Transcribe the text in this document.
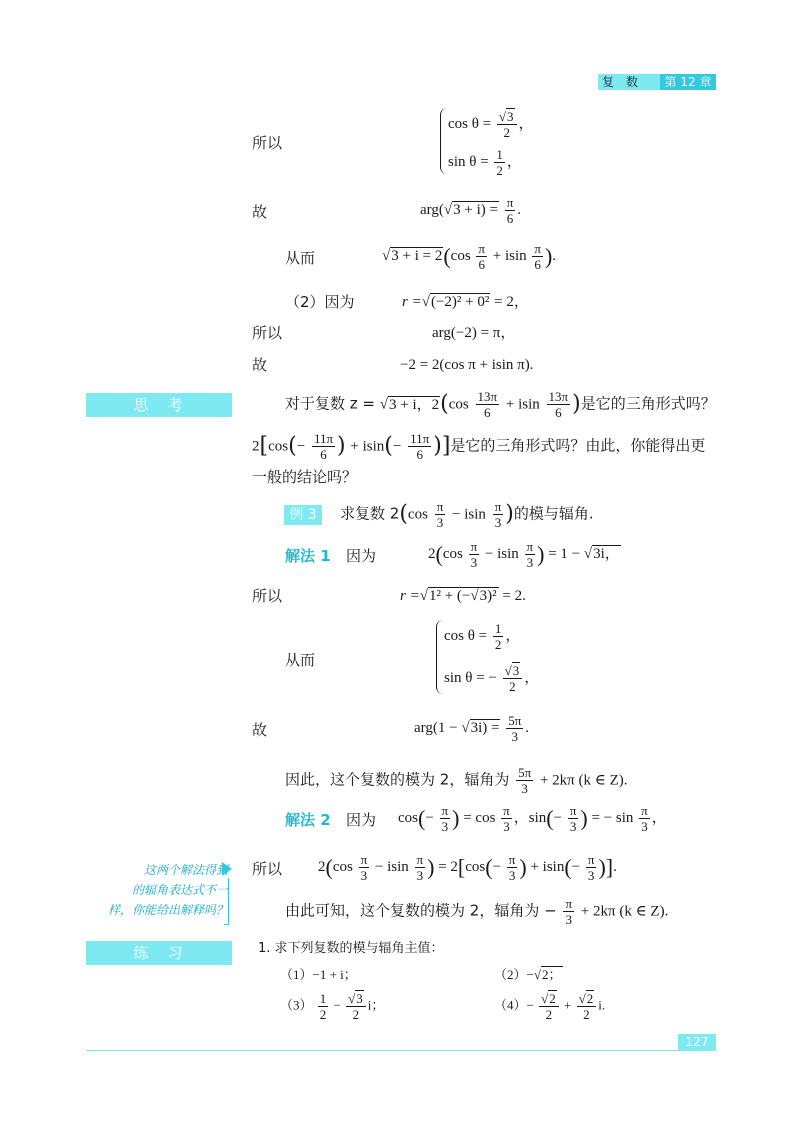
复　数	第 12 章
所以
$\cos \theta = \frac{√3}{2}$ ，
$\sin \theta = \frac{1}{2}$ ，
故	$arg(√3 + i) = \frac{\pi}{6}$ .
从而	$√3 + i = 2(\cos \frac{\pi}{6} + isin \frac{\pi}{6}$ ).
（2）因为	r =√(−2)² + 0² = 2，
所以	arg(−2) = π，
故	−2 = 2(cos π + isin π).
思　考	对于复数 z = √3 + i，$2(\cos \frac{13\pi}{6} + isin \frac{13\pi}{6}$ )是它的三角形式吗？
$2[\cos(- \frac{11\pi}{6}$ ) + $isin(- \frac{11\pi}{6}$ )]是它的三角形式吗？由此，你能得出更
一般的结论吗？
例 3	求复数 $2(\cos \frac{\pi}{3} - isin \frac{\pi}{3}$ )的模与辐角.
解法 1 因为	$2(\cos \frac{\pi}{3} - isin \frac{\pi}{3}$ ) = 1 − √3i，
所以	r =√1² + (−√3)² = 2.
从而
$\cos \theta = \frac{1}{2}$ ，
sin θ = − $\frac{√3}{2}$ ，
故	$arg(1 - √3i) = \frac{5\pi}{3}$ .
因此，这个复数的模为 2，辐角为 $\frac{5\pi}{3} + 2k\pi$ (k ∈ Z).
解法 2 因为 $\cos(- \frac{\pi}{3}$ ) = $\cos \frac{\pi}{3}$ ，$\sin(- \frac{\pi}{3}$ ) = − $\sin \frac{\pi}{3}$ ，
这两个解法得到
的辐角表达式不一
样，你能给出解释吗？
所以 $2(\cos \frac{\pi}{3} - isin \frac{\pi}{3}$ ) = $2[\cos(- \frac{\pi}{3}$ ) + $isin(- \frac{\pi}{3}$ )].
由此可知，这个复数的模为 2，辐角为 − $\frac{\pi}{3} + 2k\pi$ (k ∈ Z).
练　习	1. 求下列复数的模与辐角主值：
（1）−1 + i；	（2）−√2；
$(3) \frac{1}{2} - \frac{√3}{2}$ i；	$(4)- \frac{√2}{2} + \frac{√2}{2} i$.
127
